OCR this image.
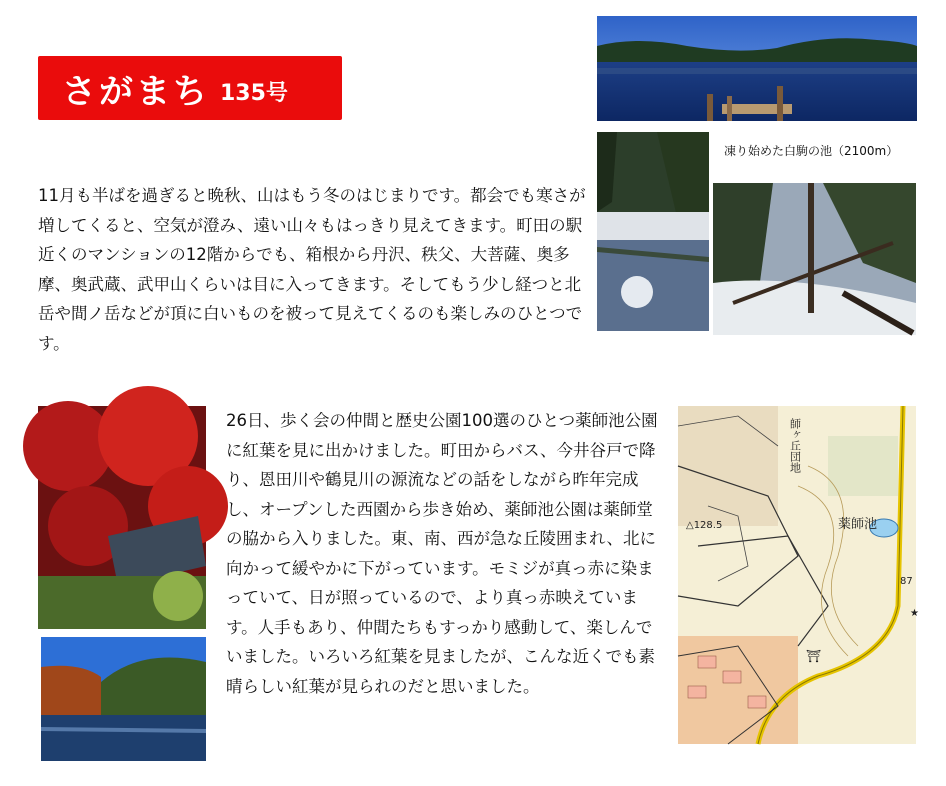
さがまち 135号
凍り始めた白駒の池（2100m）

11月も半ばを過ぎると晩秋、山はもう冬のはじまりです。都会でも寒さが増してくると、空気が澄み、遠い山々もはっきり見えてきます。町田の駅近くのマンションの12階からでも、箱根から丹沢、秩父、大菩薩、奥多摩、奥武蔵、武甲山くらいは目に入ってきます。そしてもう少し経つと北岳や間ノ岳などが頂に白いものを被って見えてくるのも楽しみのひとつです。

26日、歩く会の仲間と歴史公園100選のひとつ薬師池公園に紅葉を見に出かけました。町田からバス、今井谷戸で降り、恩田川や鶴見川の源流などの話をしながら昨年完成し、オープンした西園から歩き始め、薬師池公園は薬師堂の脇から入りました。東、南、西が急な丘陵囲まれ、北に向かって緩やかに下がっています。モミジが真っ赤に染まっていて、日が照っているので、より真っ赤映えています。人手もあり、仲間たちもすっかり感動して、楽しんでいました。いろいろ紅葉を見ましたが、こんな近くでも素晴らしい紅葉が見られのだと思いました。

師ヶ丘団地
薬師池
△128.5
87
★
⛩
